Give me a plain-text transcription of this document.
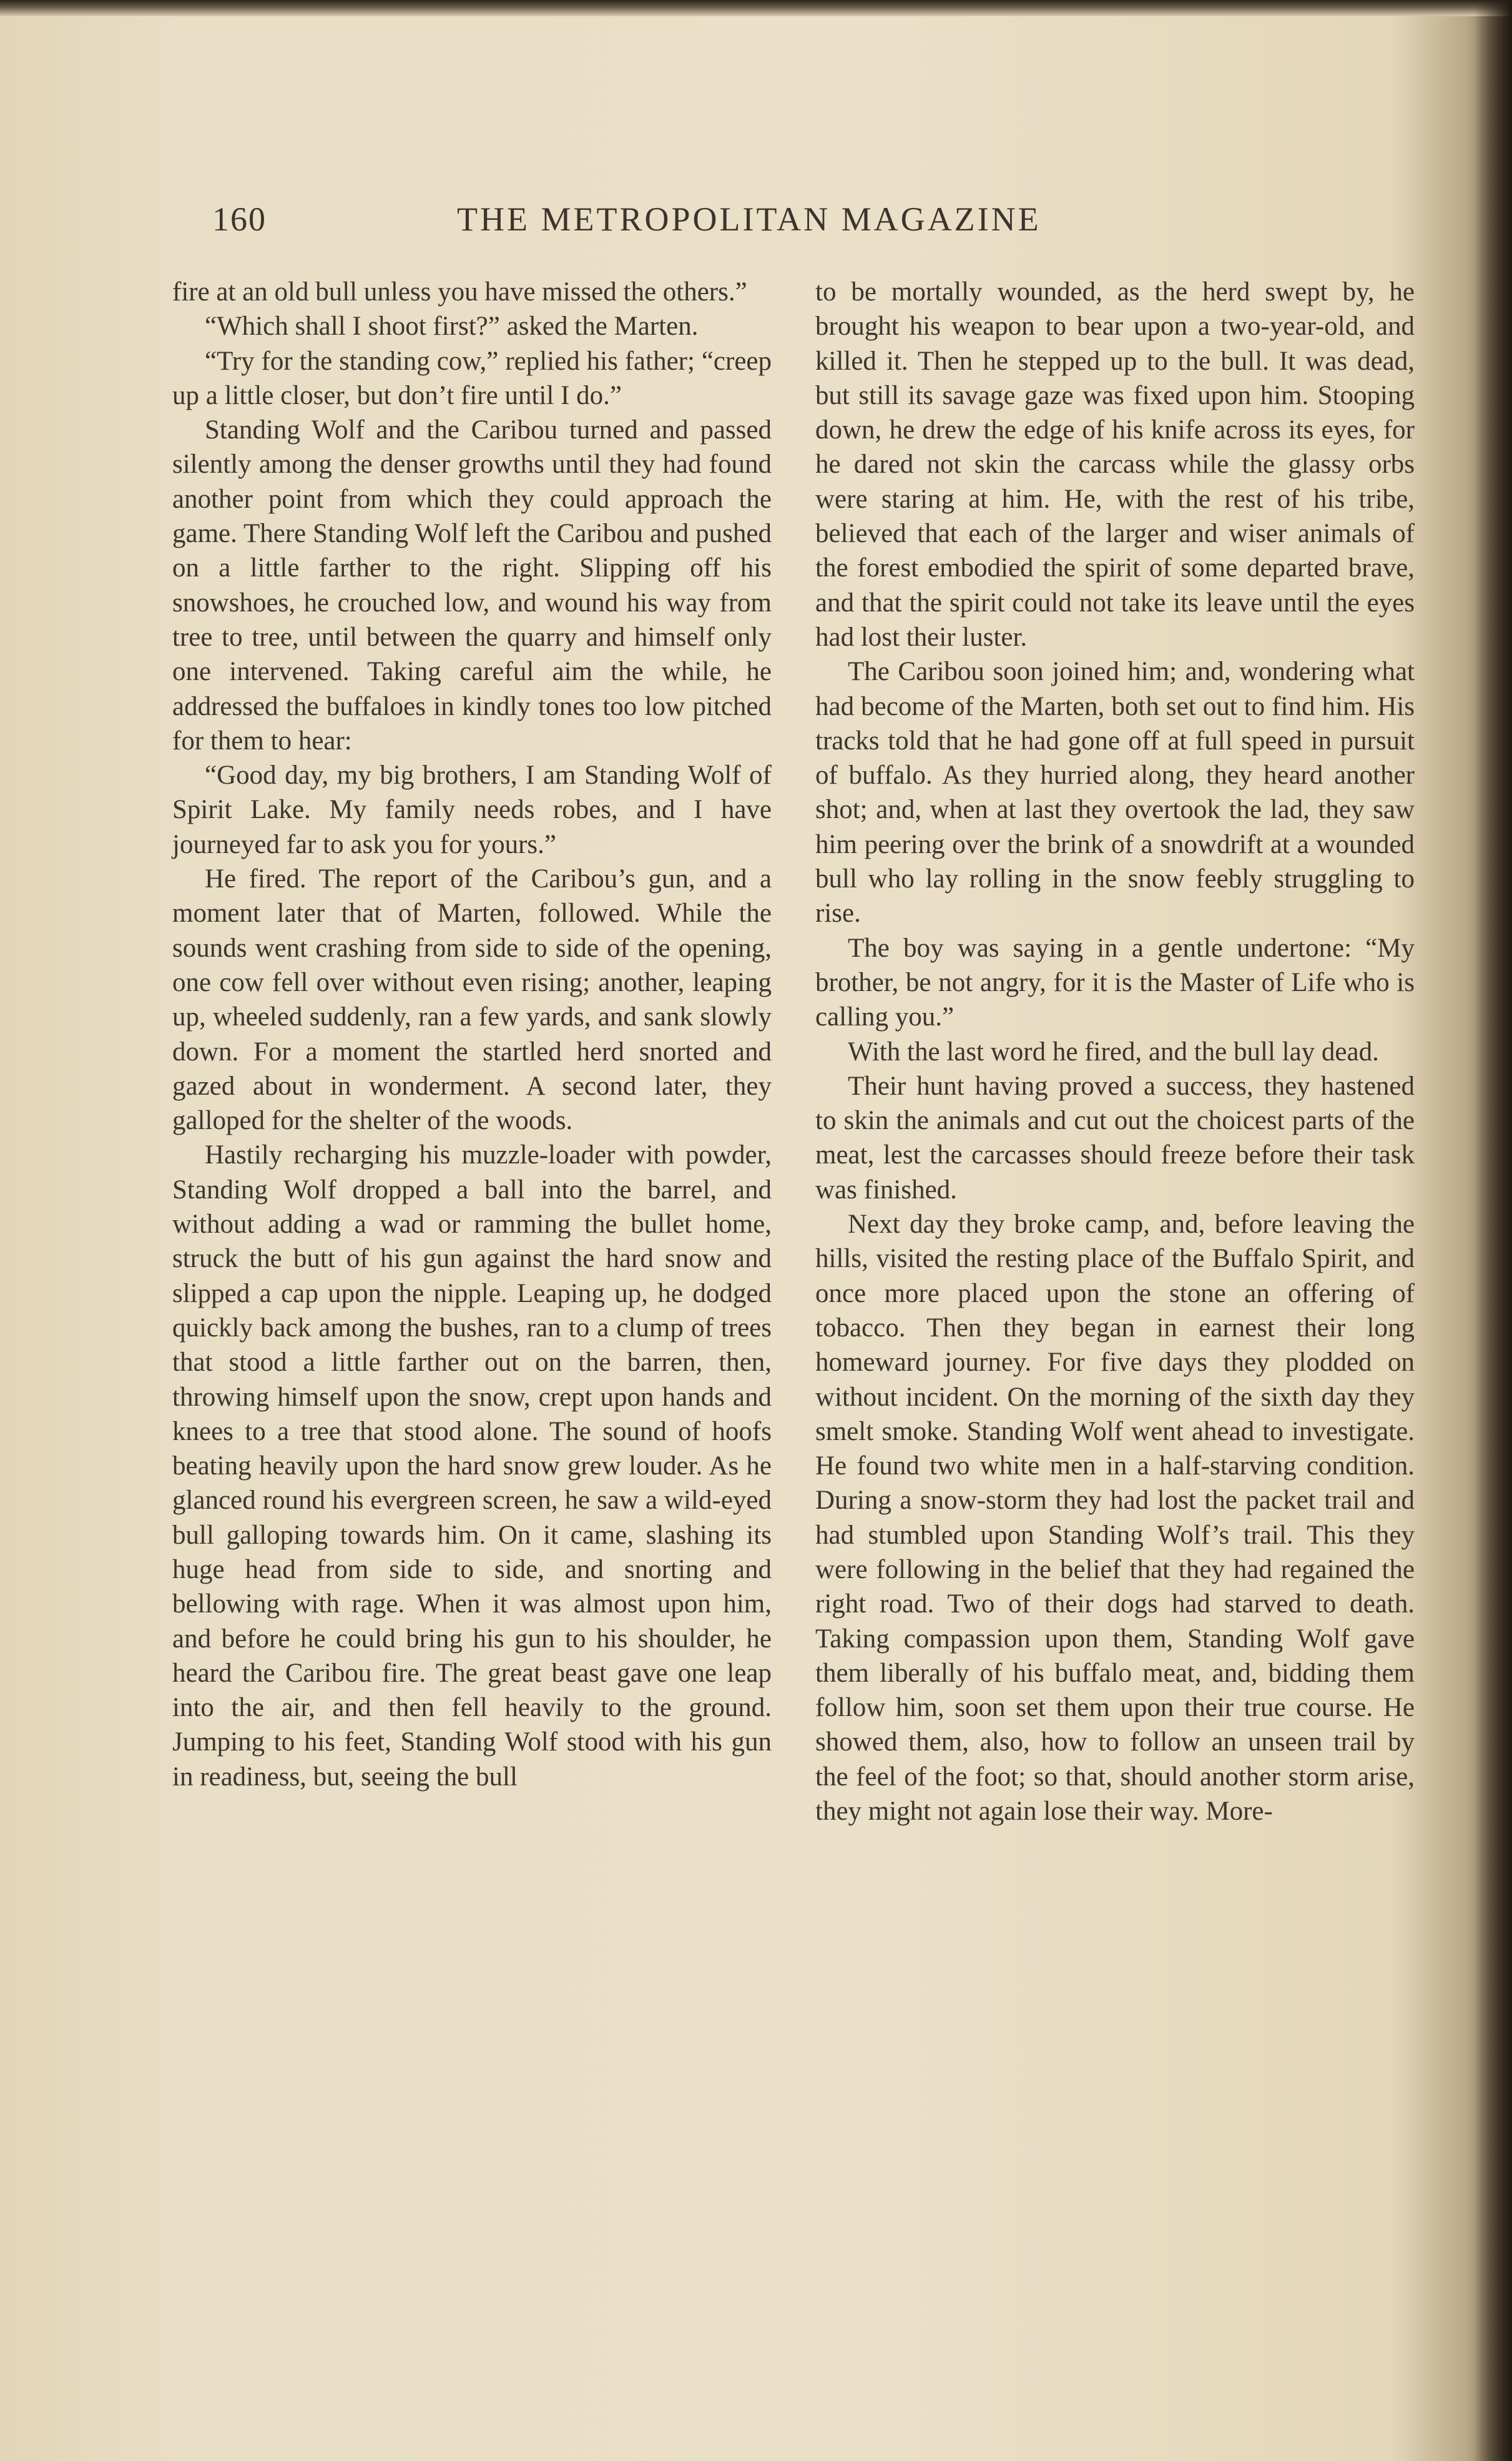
160	THE METROPOLITAN MAGAZINE

fire at an old bull unless you have missed the others.”

“Which shall I shoot first?” asked the Marten.

“Try for the standing cow,” replied his father; “creep up a little closer, but don’t fire until I do.”

Standing Wolf and the Caribou turned and passed silently among the denser growths until they had found another point from which they could approach the game. There Standing Wolf left the Caribou and pushed on a little farther to the right. Slipping off his snowshoes, he crouched low, and wound his way from tree to tree, until between the quarry and himself only one intervened. Taking careful aim the while, he addressed the buffaloes in kindly tones too low pitched for them to hear:

“Good day, my big brothers, I am Standing Wolf of Spirit Lake. My family needs robes, and I have journeyed far to ask you for yours.”

He fired. The report of the Caribou’s gun, and a moment later that of Marten, followed. While the sounds went crashing from side to side of the opening, one cow fell over without even rising; another, leaping up, wheeled suddenly, ran a few yards, and sank slowly down. For a moment the startled herd snorted and gazed about in wonderment. A second later, they galloped for the shelter of the woods.

Hastily recharging his muzzle-loader with powder, Standing Wolf dropped a ball into the barrel, and without adding a wad or ramming the bullet home, struck the butt of his gun against the hard snow and slipped a cap upon the nipple. Leaping up, he dodged quickly back among the bushes, ran to a clump of trees that stood a little farther out on the barren, then, throwing himself upon the snow, crept upon hands and knees to a tree that stood alone. The sound of hoofs beating heavily upon the hard snow grew louder. As he glanced round his evergreen screen, he saw a wild-eyed bull galloping towards him. On it came, slashing its huge head from side to side, and snorting and bellowing with rage. When it was almost upon him, and before he could bring his gun to his shoulder, he heard the Caribou fire. The great beast gave one leap into the air, and then fell heavily to the ground. Jumping to his feet, Standing Wolf stood with his gun in readiness, but, seeing the bull

to be mortally wounded, as the herd swept by, he brought his weapon to bear upon a two-year-old, and killed it. Then he stepped up to the bull. It was dead, but still its savage gaze was fixed upon him. Stooping down, he drew the edge of his knife across its eyes, for he dared not skin the carcass while the glassy orbs were staring at him. He, with the rest of his tribe, believed that each of the larger and wiser animals of the forest embodied the spirit of some departed brave, and that the spirit could not take its leave until the eyes had lost their luster.

The Caribou soon joined him; and, wondering what had become of the Marten, both set out to find him. His tracks told that he had gone off at full speed in pursuit of buffalo. As they hurried along, they heard another shot; and, when at last they overtook the lad, they saw him peering over the brink of a snowdrift at a wounded bull who lay rolling in the snow feebly struggling to rise.

The boy was saying in a gentle undertone: “My brother, be not angry, for it is the Master of Life who is calling you.”

With the last word he fired, and the bull lay dead.

Their hunt having proved a success, they hastened to skin the animals and cut out the choicest parts of the meat, lest the carcasses should freeze before their task was finished.

Next day they broke camp, and, before leaving the hills, visited the resting place of the Buffalo Spirit, and once more placed upon the stone an offering of tobacco. Then they began in earnest their long homeward journey. For five days they plodded on without incident. On the morning of the sixth day they smelt smoke. Standing Wolf went ahead to investigate. He found two white men in a half-starving condition. During a snow-storm they had lost the packet trail and had stumbled upon Standing Wolf’s trail. This they were following in the belief that they had regained the right road. Two of their dogs had starved to death. Taking compassion upon them, Standing Wolf gave them liberally of his buffalo meat, and, bidding them follow him, soon set them upon their true course. He showed them, also, how to follow an unseen trail by the feel of the foot; so that, should another storm arise, they might not again lose their way. More-
